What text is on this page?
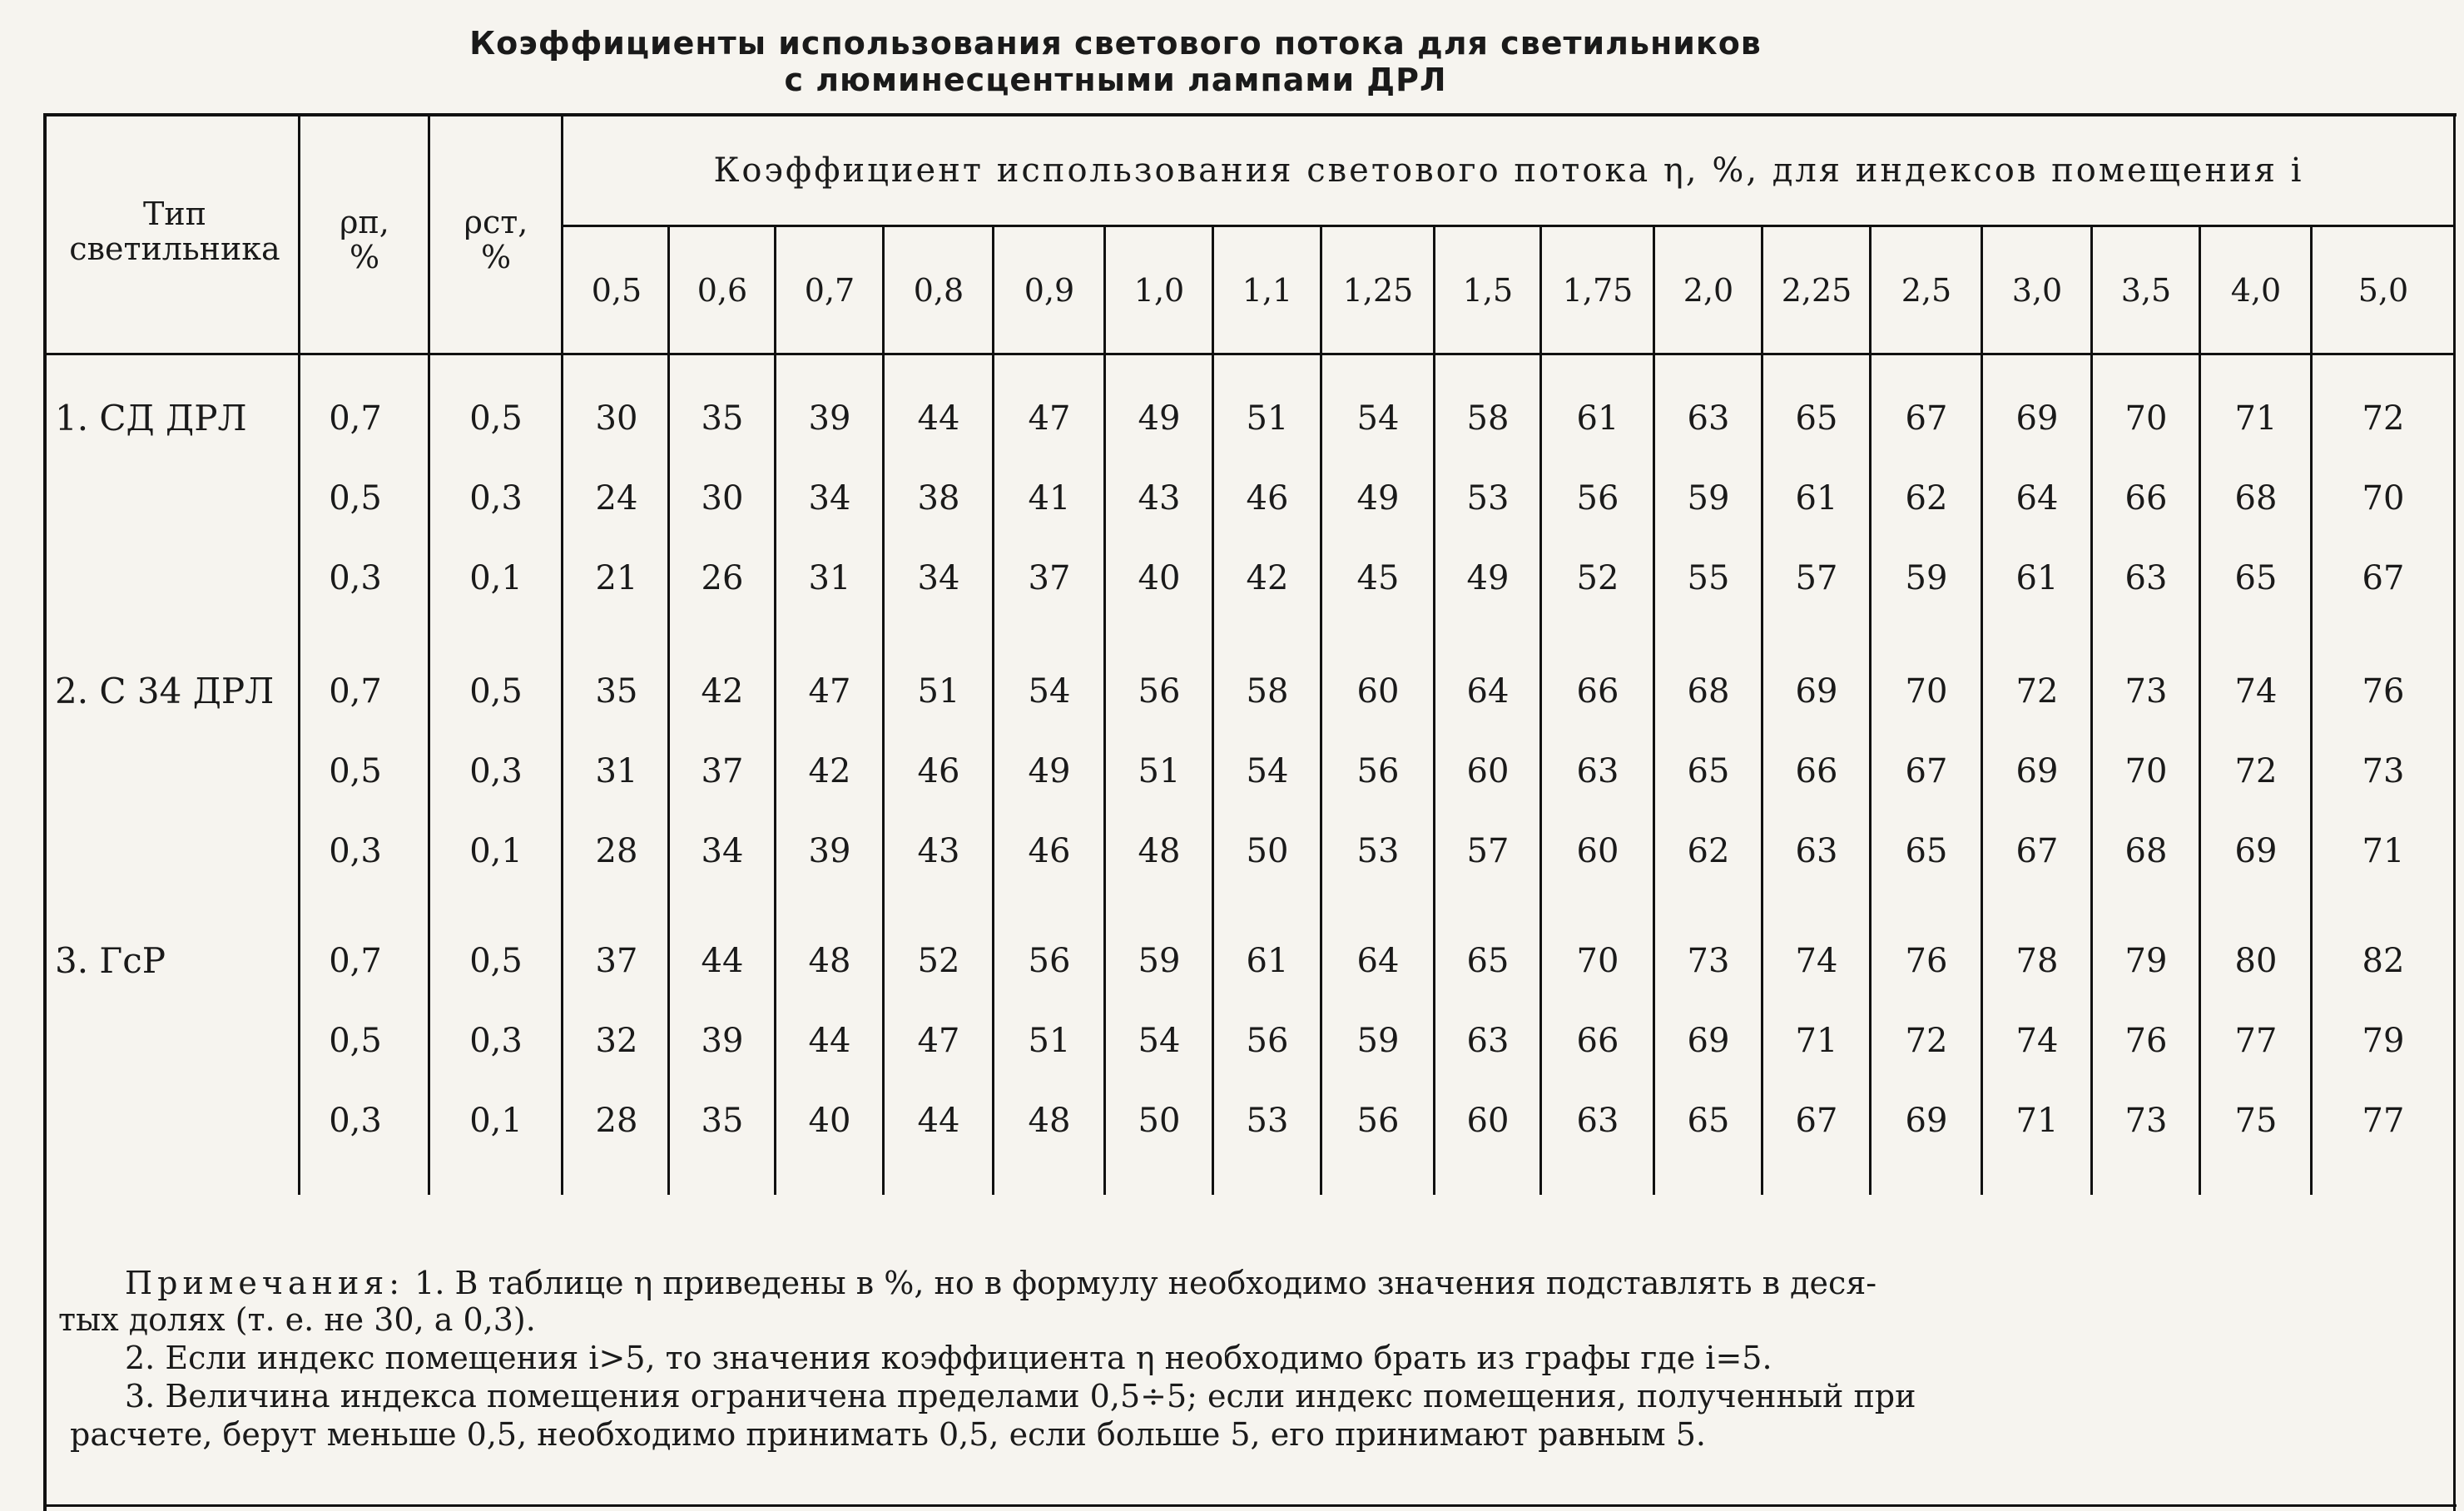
Коэффициенты использования светового потока для светильников
с люминесцентными лампами ДРЛ
Тип
светильника
ρп,
%
ρст,
%
Коэффициент использования светового потока η, %, для индексов помещения i
0,5	0,6	0,7	0,8	0,9	1,0	1,1	1,25	1,5	1,75	2,0	2,25	2,5	3,0	3,5	4,0	5,0
1. СД ДРЛ	0,7	0,5	30	35	39	44	47	49	51	54	58	61	63	65	67	69	70	71	72
0,5	0,3	24	30	34	38	41	43	46	49	53	56	59	61	62	64	66	68	70
0,3	0,1	21	26	31	34	37	40	42	45	49	52	55	57	59	61	63	65	67
2. С 34 ДРЛ	0,7	0,5	35	42	47	51	54	56	58	60	64	66	68	69	70	72	73	74	76
0,5	0,3	31	37	42	46	49	51	54	56	60	63	65	66	67	69	70	72	73
0,3	0,1	28	34	39	43	46	48	50	53	57	60	62	63	65	67	68	69	71
3. ГсР	0,7	0,5	37	44	48	52	56	59	61	64	65	70	73	74	76	78	79	80	82
0,5	0,3	32	39	44	47	51	54	56	59	63	66	69	71	72	74	76	77	79
0,3	0,1	28	35	40	44	48	50	53	56	60	63	65	67	69	71	73	75	77
Примечания: 1. В таблице η приведены в %, но в формулу необходимо значения подставлять в деся-
тых долях (т. е. не 30, а 0,3).
2. Если индекс помещения i>5, то значения коэффициента η необходимо брать из графы где i=5.
3. Величина индекса помещения ограничена пределами 0,5÷5; если индекс помещения, полученный при
расчете, берут меньше 0,5, необходимо принимать 0,5, если больше 5, его принимают равным 5.
